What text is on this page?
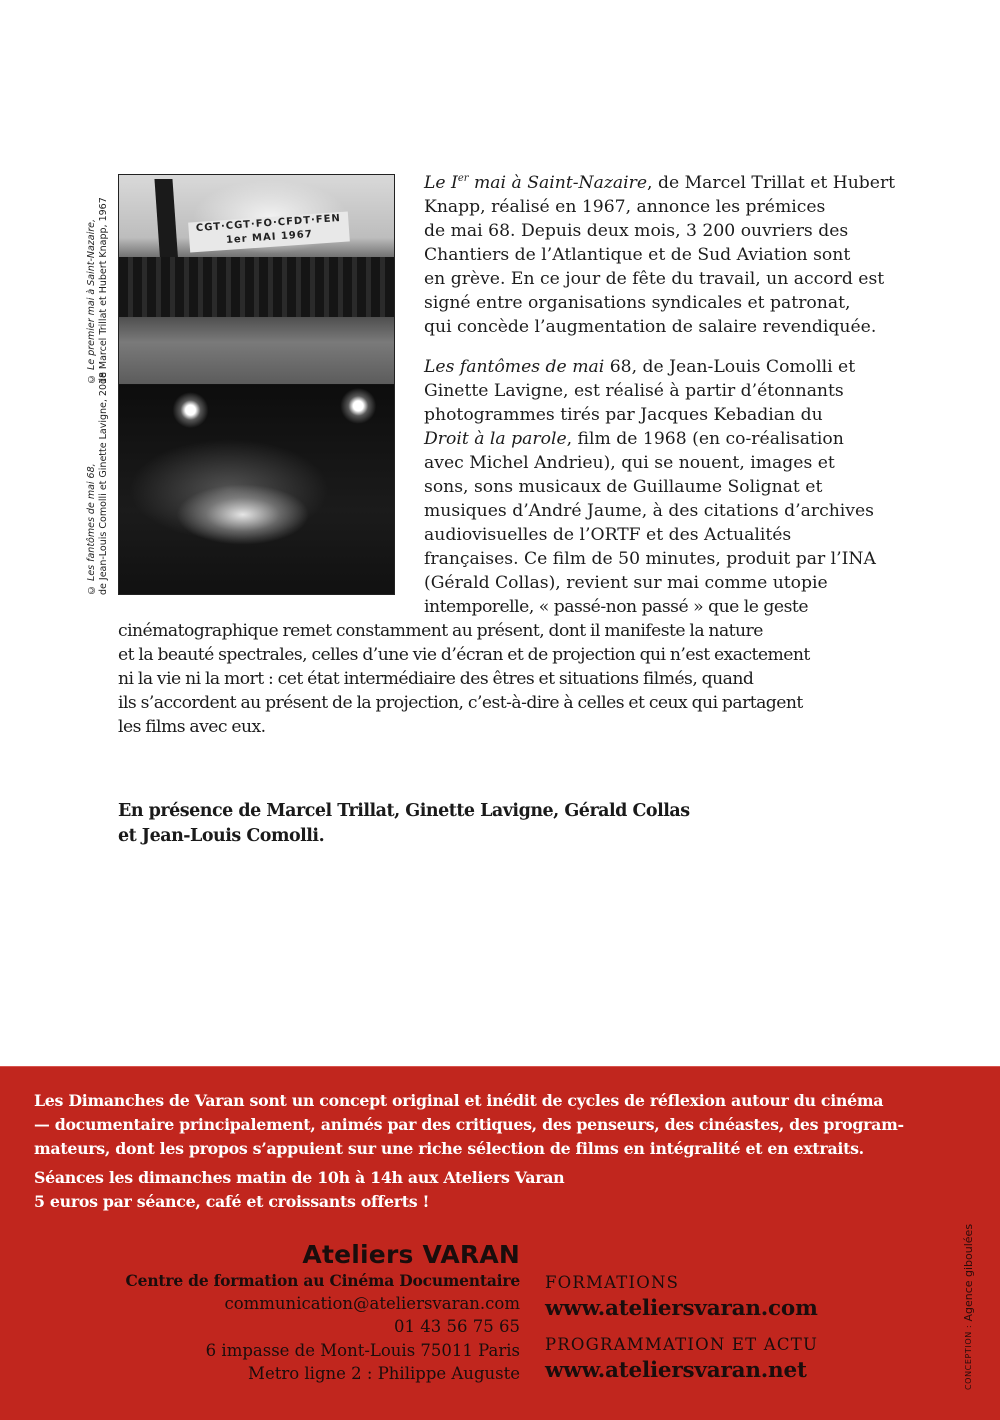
CGT·CGT·FO·CFDT·FEN 1er MAI 1967
© Le premier mai à Saint-Nazaire,
de Marcel Trillat et Hubert Knapp, 1967
© Les fantômes de mai 68,
de Jean-Louis Comolli et Ginette Lavigne, 2018
Le Ier mai à Saint-Nazaire, de Marcel Trillat et Hubert
Knapp, réalisé en 1967, annonce les prémices
de mai 68. Depuis deux mois, 3 200 ouvriers des
Chantiers de l’Atlantique et de Sud Aviation sont
en grève. En ce jour de fête du travail, un accord est
signé entre organisations syndicales et patronat,
qui concède l’augmentation de salaire revendiquée.
Les fantômes de mai 68, de Jean-Louis Comolli et
Ginette Lavigne, est réalisé à partir d’étonnants
photogrammes tirés par Jacques Kebadian du
Droit à la parole, film de 1968 (en co-réalisation
avec Michel Andrieu), qui se nouent, images et
sons, sons musicaux de Guillaume Solignat et
musiques d’André Jaume, à des citations d’archives
audiovisuelles de l’ORTF et des Actualités
françaises. Ce film de 50 minutes, produit par l’INA
(Gérald Collas), revient sur mai comme utopie
intemporelle, « passé-non passé » que le geste
cinématographique remet constamment au présent, dont il manifeste la nature
et la beauté spectrales, celles d’une vie d’écran et de projection qui n’est exactement
ni la vie ni la mort : cet état intermédiaire des êtres et situations filmés, quand
ils s’accordent au présent de la projection, c’est-à-dire à celles et ceux qui partagent
les films avec eux.
En présence de Marcel Trillat, Ginette Lavigne, Gérald Collas
et Jean-Louis Comolli.
Les Dimanches de Varan sont un concept original et inédit de cycles de réflexion autour du cinéma
— documentaire principalement, animés par des critiques, des penseurs, des cinéastes, des program-
mateurs, dont les propos s’appuient sur une riche sélection de films en intégralité et en extraits.
Séances les dimanches matin de 10h à 14h aux Ateliers Varan
5 euros par séance, café et croissants offerts !
Ateliers VARAN
Centre de formation au Cinéma Documentaire
communication@ateliersvaran.com
01 43 56 75 65
6 impasse de Mont-Louis 75011 Paris
Metro ligne 2 : Philippe Auguste
FORMATIONS
www.ateliersvaran.com
PROGRAMMATION ET ACTU
www.ateliersvaran.net	CONCEPTION : Agence giboulées
